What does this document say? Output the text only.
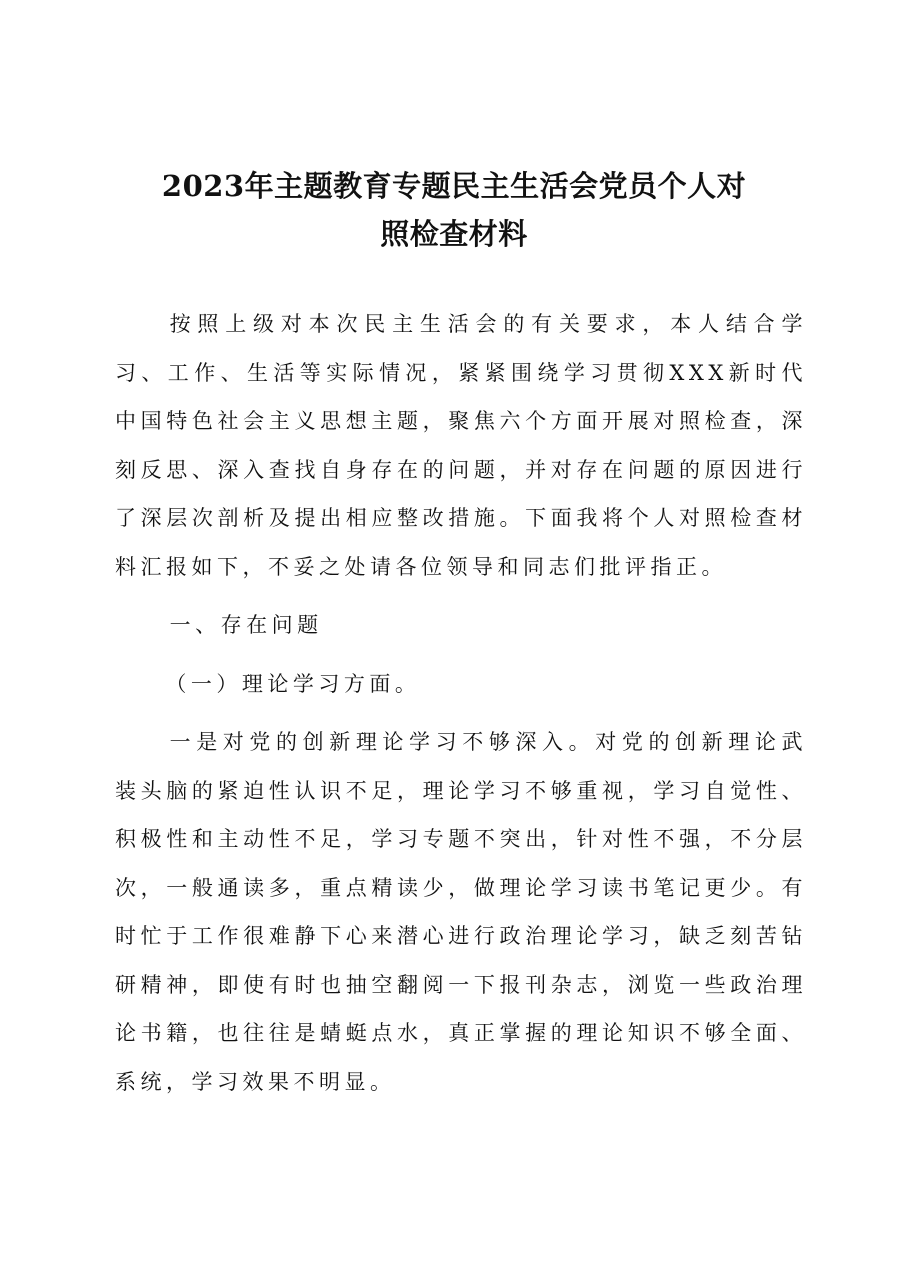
2023年主题教育专题民主生活会党员个人对
照检查材料

按照上级对本次民主生活会的有关要求，本人结合学习、工作、生活等实际情况，紧紧围绕学习贯彻XXX新时代中国特色社会主义思想主题，聚焦六个方面开展对照检查，深刻反思、深入查找自身存在的问题，并对存在问题的原因进行了深层次剖析及提出相应整改措施。下面我将个人对照检查材料汇报如下，不妥之处请各位领导和同志们批评指正。

一、存在问题

（一）理论学习方面。

一是对党的创新理论学习不够深入。对党的创新理论武装头脑的紧迫性认识不足，理论学习不够重视，学习自觉性、积极性和主动性不足，学习专题不突出，针对性不强，不分层次，一般通读多，重点精读少，做理论学习读书笔记更少。有时忙于工作很难静下心来潜心进行政治理论学习，缺乏刻苦钻研精神，即使有时也抽空翻阅一下报刊杂志，浏览一些政治理论书籍，也往往是蜻蜓点水，真正掌握的理论知识不够全面、系统，学习效果不明显。
